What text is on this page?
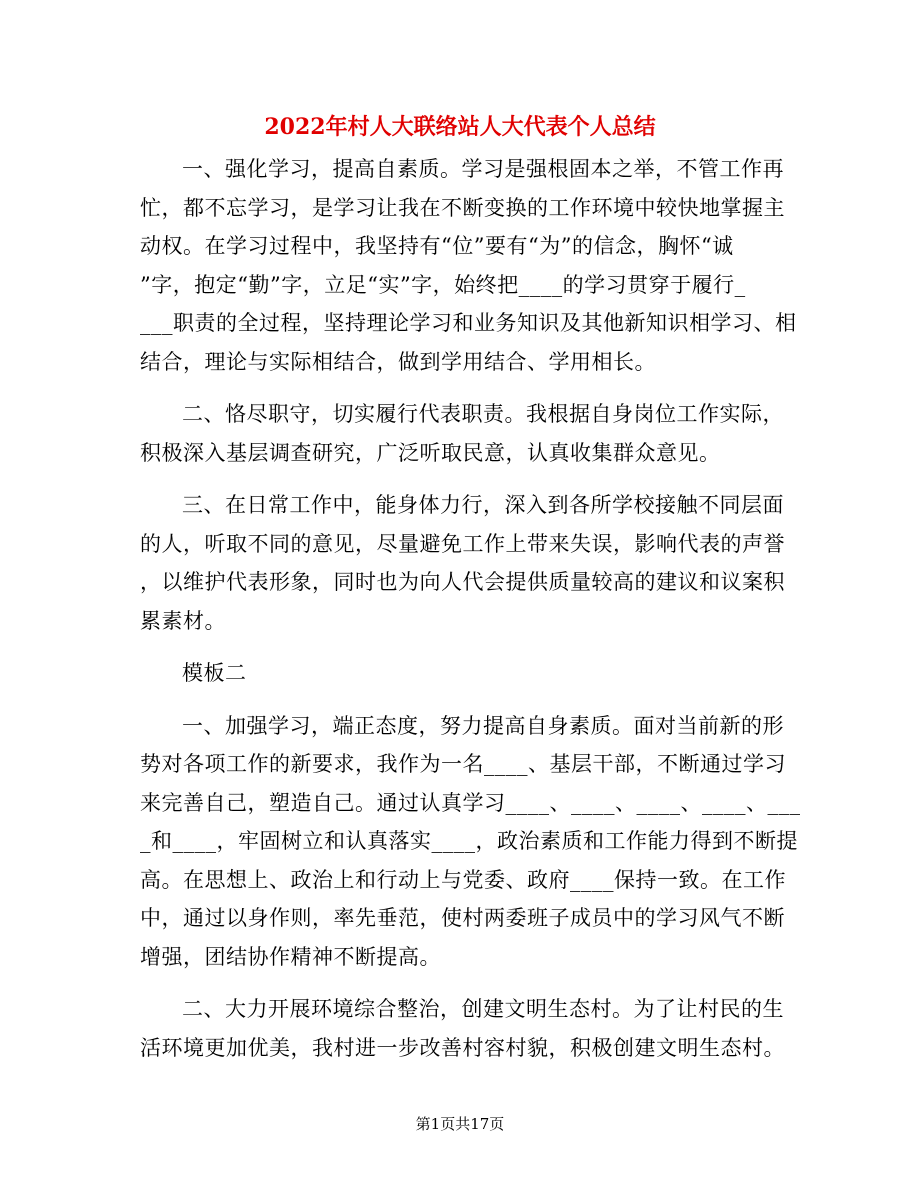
2022年村人大联络站人大代表个人总结
一、强化学习，提高自素质。学习是强根固本之举，不管工作再
忙，都不忘学习，是学习让我在不断变换的工作环境中较快地掌握主
动权。在学习过程中，我坚持有“位”要有“为”的信念，胸怀“诚
”字，抱定“勤”字，立足“实”字，始终把____的学习贯穿于履行_
___职责的全过程，坚持理论学习和业务知识及其他新知识相学习、相
结合，理论与实际相结合，做到学用结合、学用相长。
二、恪尽职守，切实履行代表职责。我根据自身岗位工作实际，
积极深入基层调查研究，广泛听取民意，认真收集群众意见。
三、在日常工作中，能身体力行，深入到各所学校接触不同层面
的人，听取不同的意见，尽量避免工作上带来失误，影响代表的声誉
，以维护代表形象，同时也为向人代会提供质量较高的建议和议案积
累素材。
模板二
一、加强学习，端正态度，努力提高自身素质。面对当前新的形
势对各项工作的新要求，我作为一名____、基层干部，不断通过学习
来完善自己，塑造自己。通过认真学习____、____、____、____、___
_和____，牢固树立和认真落实____，政治素质和工作能力得到不断提
高。在思想上、政治上和行动上与党委、政府____保持一致。在工作
中，通过以身作则，率先垂范，使村两委班子成员中的学习风气不断
增强，团结协作精神不断提高。
二、大力开展环境综合整治，创建文明生态村。为了让村民的生
活环境更加优美，我村进一步改善村容村貌，积极创建文明生态村。
第1页共17页
